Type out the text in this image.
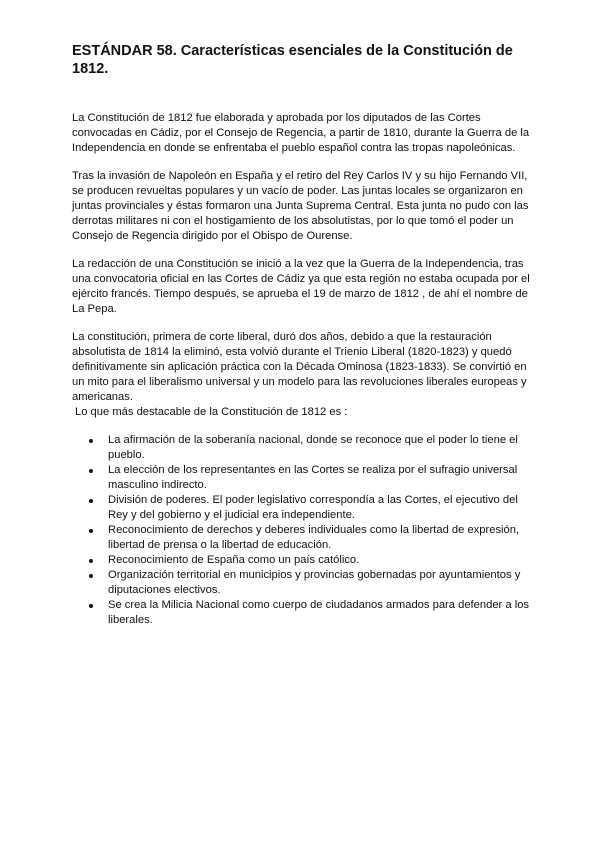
ESTÁNDAR 58. Características esenciales de la Constitución de
1812.

La Constitución de 1812 fue elaborada y aprobada por los diputados de las Cortes
convocadas en Cádiz, por el Consejo de Regencia, a partir de 1810, durante la Guerra de la
Independencia en donde se enfrentaba el pueblo español contra las tropas napoleónicas.

Tras la invasión de Napoleón en España y el retiro del Rey Carlos IV y su hijo Fernando VII,
se producen revueltas populares y un vacío de poder. Las juntas locales se organizaron en
juntas provinciales y éstas formaron una Junta Suprema Central. Esta junta no pudo con las
derrotas militares ni con el hostigamiento de los absolutistas, por lo que tomó el poder un
Consejo de Regencia dirigido por el Obispo de Ourense.

La redacción de una Constitución se inició a la vez que la Guerra de la Independencia, tras
una convocatoria oficial en las Cortes de Cádiz ya que esta región no estaba ocupada por el
ejército francés. Tiempo después, se aprueba el 19 de marzo de 1812 , de ahí el nombre de
La Pepa.

La constitución, primera de corte liberal, duró dos años, debido a que la restauración
absolutista de 1814 la eliminó, esta volvió durante el Trienio Liberal (1820-1823) y quedó
definitivamente sin aplicación práctica con la Década Ominosa (1823-1833). Se convirtió en
un mito para el liberalismo universal y un modelo para las revoluciones liberales europeas y
americanas.
Lo que más destacable de la Constitución de 1812 es :

La afirmación de la soberanía nacional, donde se reconoce que el poder lo tiene el
pueblo.
La elección de los representantes en las Cortes se realiza por el sufragio universal
masculino indirecto.
División de poderes. El poder legislativo correspondía a las Cortes, el ejecutivo del
Rey y del gobierno y el judicial era independiente.
Reconocimiento de derechos y deberes individuales como la libertad de expresión,
libertad de prensa o la libertad de educación.
Reconocimiento de España como un país católico.
Organización territorial en municipios y provincias gobernadas por ayuntamientos y
diputaciones electivos.
Se crea la Milicia Nacional como cuerpo de ciudadanos armados para defender a los
liberales.
